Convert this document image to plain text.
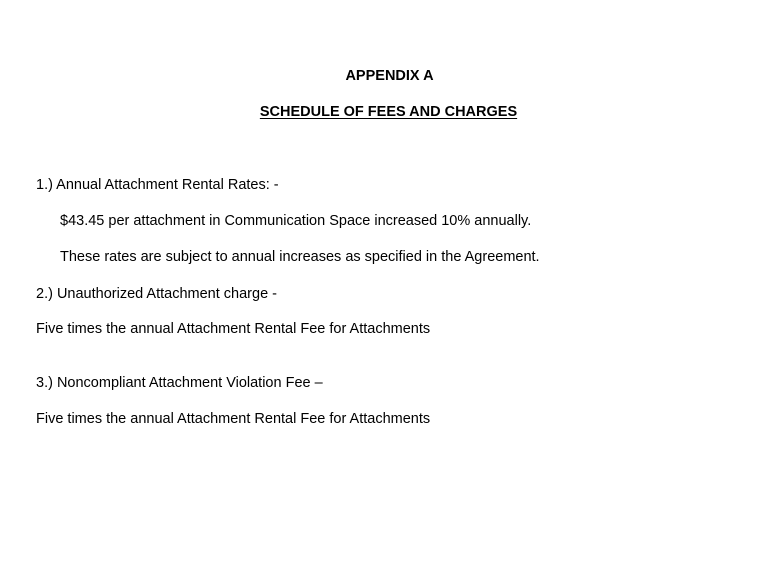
APPENDIX A
SCHEDULE OF FEES AND CHARGES
1.) Annual Attachment Rental Rates: -
$43.45 per attachment in Communication Space increased 10% annually.
These rates are subject to annual increases as specified in the Agreement.
2.) Unauthorized Attachment charge -
Five times the annual Attachment Rental Fee for Attachments
3.) Noncompliant Attachment Violation Fee –
Five times the annual Attachment Rental Fee for Attachments
